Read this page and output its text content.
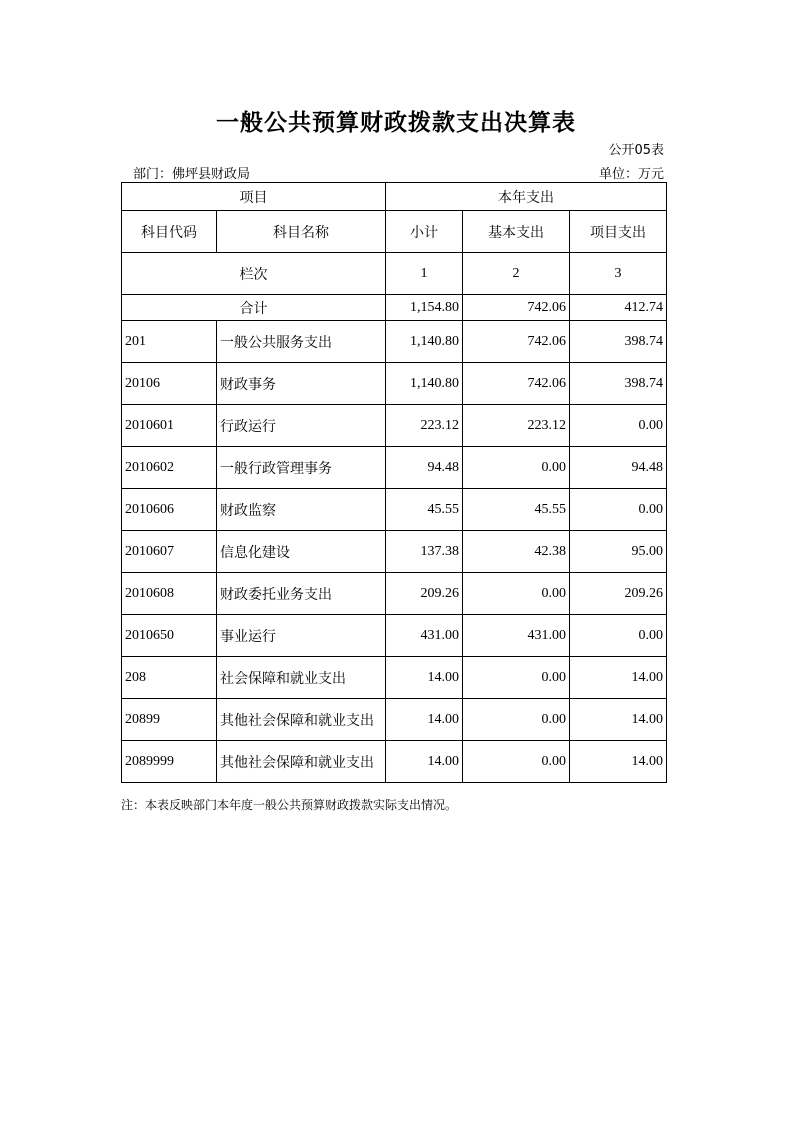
一般公共预算财政拨款支出决算表
公开05表
部门：佛坪县财政局	单位：万元
项目		本年支出		
科目代码	科目名称	小计	基本支出	项目支出
栏次		1	2	3
合计		1,154.80	742.06	412.74
201	一般公共服务支出	1,140.80	742.06	398.74
20106	财政事务	1,140.80	742.06	398.74
2010601	行政运行	223.12	223.12	0.00
2010602	一般行政管理事务	94.48	0.00	94.48
2010606	财政监察	45.55	45.55	0.00
2010607	信息化建设	137.38	42.38	95.00
2010608	财政委托业务支出	209.26	0.00	209.26
2010650	事业运行	431.00	431.00	0.00
208	社会保障和就业支出	14.00	0.00	14.00
20899	其他社会保障和就业支出	14.00	0.00	14.00
2089999	其他社会保障和就业支出	14.00	0.00	14.00
注：本表反映部门本年度一般公共预算财政拨款实际支出情况。
